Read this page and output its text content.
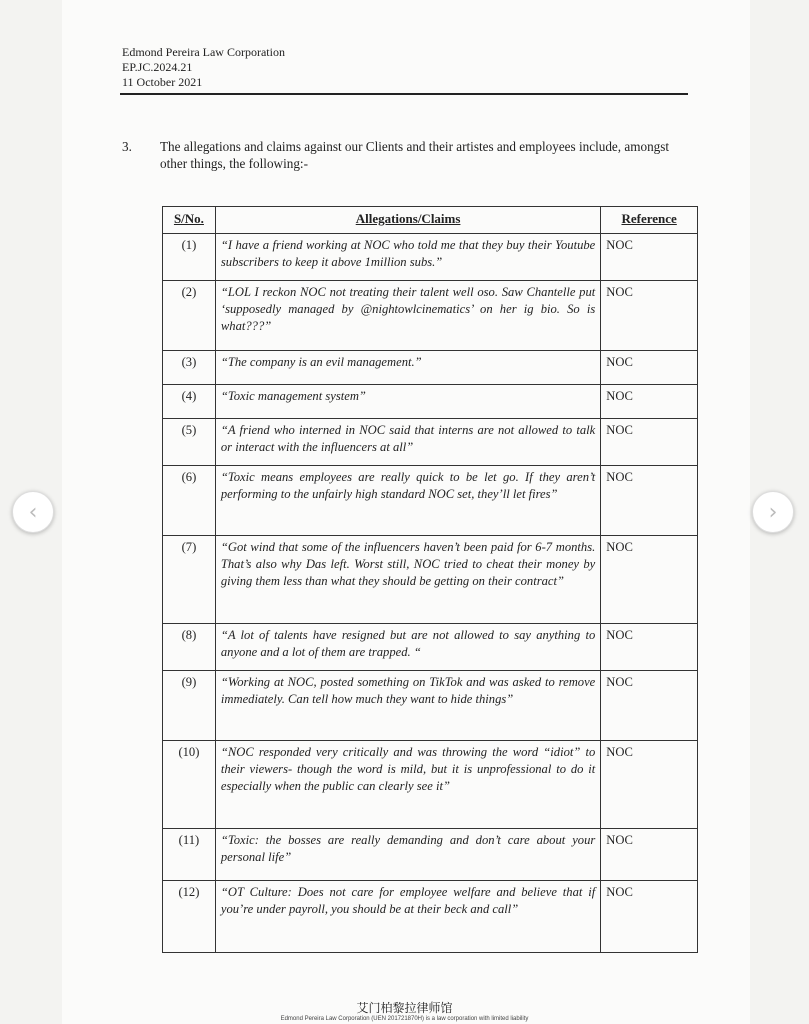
Edmond Pereira Law Corporation
EP.JC.2024.21
11 October 2021
3. The allegations and claims against our Clients and their artistes and employees include, amongst other things, the following:-
S/No.	Allegations/Claims	Reference
(1)	“I have a friend working at NOC who told me that they buy their Youtube subscribers to keep it above 1million subs.”	NOC
(2)	“LOL I reckon NOC not treating their talent well oso. Saw Chantelle put ‘supposedly managed by @nightowlcinematics’ on her ig bio. So is what???”	NOC
(3)	“The company is an evil management.”	NOC
(4)	“Toxic management system”	NOC
(5)	“A friend who interned in NOC said that interns are not allowed to talk or interact with the influencers at all”	NOC
(6)	“Toxic means employees are really quick to be let go. If they aren’t performing to the unfairly high standard NOC set, they’ll let fires”	NOC
(7)	“Got wind that some of the influencers haven’t been paid for 6-7 months. That’s also why Das left. Worst still, NOC tried to cheat their money by giving them less than what they should be getting on their contract”	NOC
(8)	“A lot of talents have resigned but are not allowed to say anything to anyone and a lot of them are trapped. “	NOC
(9)	“Working at NOC, posted something on TikTok and was asked to remove immediately. Can tell how much they want to hide things”	NOC
(10)	“NOC responded very critically and was throwing the word “idiot” to their viewers- though the word is mild, but it is unprofessional to do it especially when the public can clearly see it”	NOC
(11)	“Toxic: the bosses are really demanding and don’t care about your personal life”	NOC
(12)	“OT Culture: Does not care for employee welfare and believe that if you’re under payroll, you should be at their beck and call”	NOC
艾门柏黎拉律师馆
Edmond Pereira Law Corporation (UEN 201721870H) is a law corporation with limited liability
‹	›
